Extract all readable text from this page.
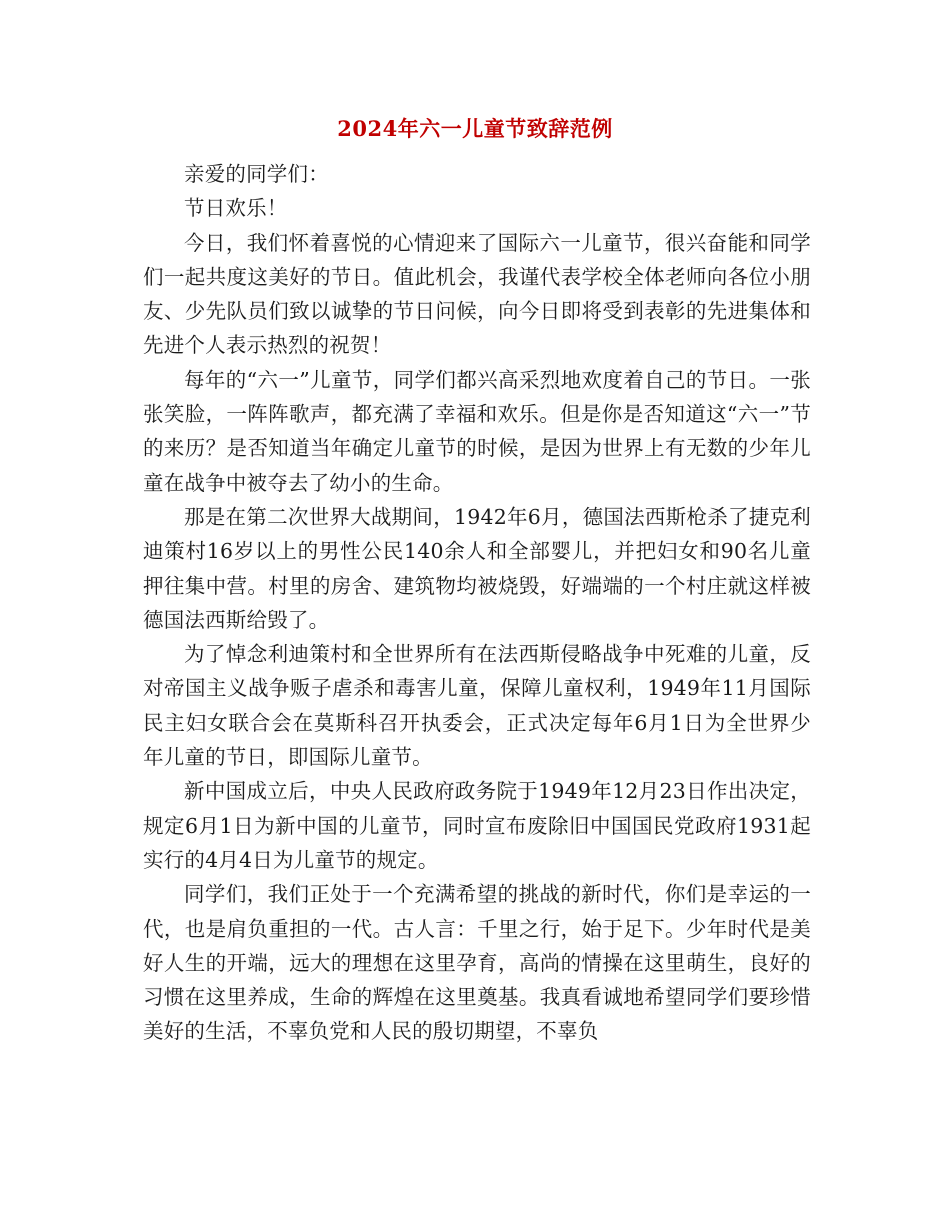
2024年六一儿童节致辞范例

亲爱的同学们：

节日欢乐！

今日，我们怀着喜悦的心情迎来了国际六一儿童节，很兴奋能和同学们一起共度这美好的节日。值此机会，我谨代表学校全体老师向各位小朋友、少先队员们致以诚挚的节日问候，向今日即将受到表彰的先进集体和先进个人表示热烈的祝贺！

每年的“六一”儿童节，同学们都兴高采烈地欢度着自己的节日。一张张笑脸，一阵阵歌声，都充满了幸福和欢乐。但是你是否知道这“六一”节的来历？是否知道当年确定儿童节的时候，是因为世界上有无数的少年儿童在战争中被夺去了幼小的生命。

那是在第二次世界大战期间，1942年6月，德国法西斯枪杀了捷克利迪策村16岁以上的男性公民140余人和全部婴儿，并把妇女和90名儿童押往集中营。村里的房舍、建筑物均被烧毁，好端端的一个村庄就这样被德国法西斯给毁了。

为了悼念利迪策村和全世界所有在法西斯侵略战争中死难的儿童，反对帝国主义战争贩子虐杀和毒害儿童，保障儿童权利，1949年11月国际民主妇女联合会在莫斯科召开执委会，正式决定每年6月1日为全世界少年儿童的节日，即国际儿童节。

新中国成立后，中央人民政府政务院于1949年12月23日作出决定，规定6月1日为新中国的儿童节，同时宣布废除旧中国国民党政府1931起实行的4月4日为儿童节的规定。

同学们，我们正处于一个充满希望的挑战的新时代，你们是幸运的一代，也是肩负重担的一代。古人言：千里之行，始于足下。少年时代是美好人生的开端，远大的理想在这里孕育，高尚的情操在这里萌生，良好的习惯在这里养成，生命的辉煌在这里奠基。我真看诚地希望同学们要珍惜美好的生活，不辜负党和人民的殷切期望，不辜负
